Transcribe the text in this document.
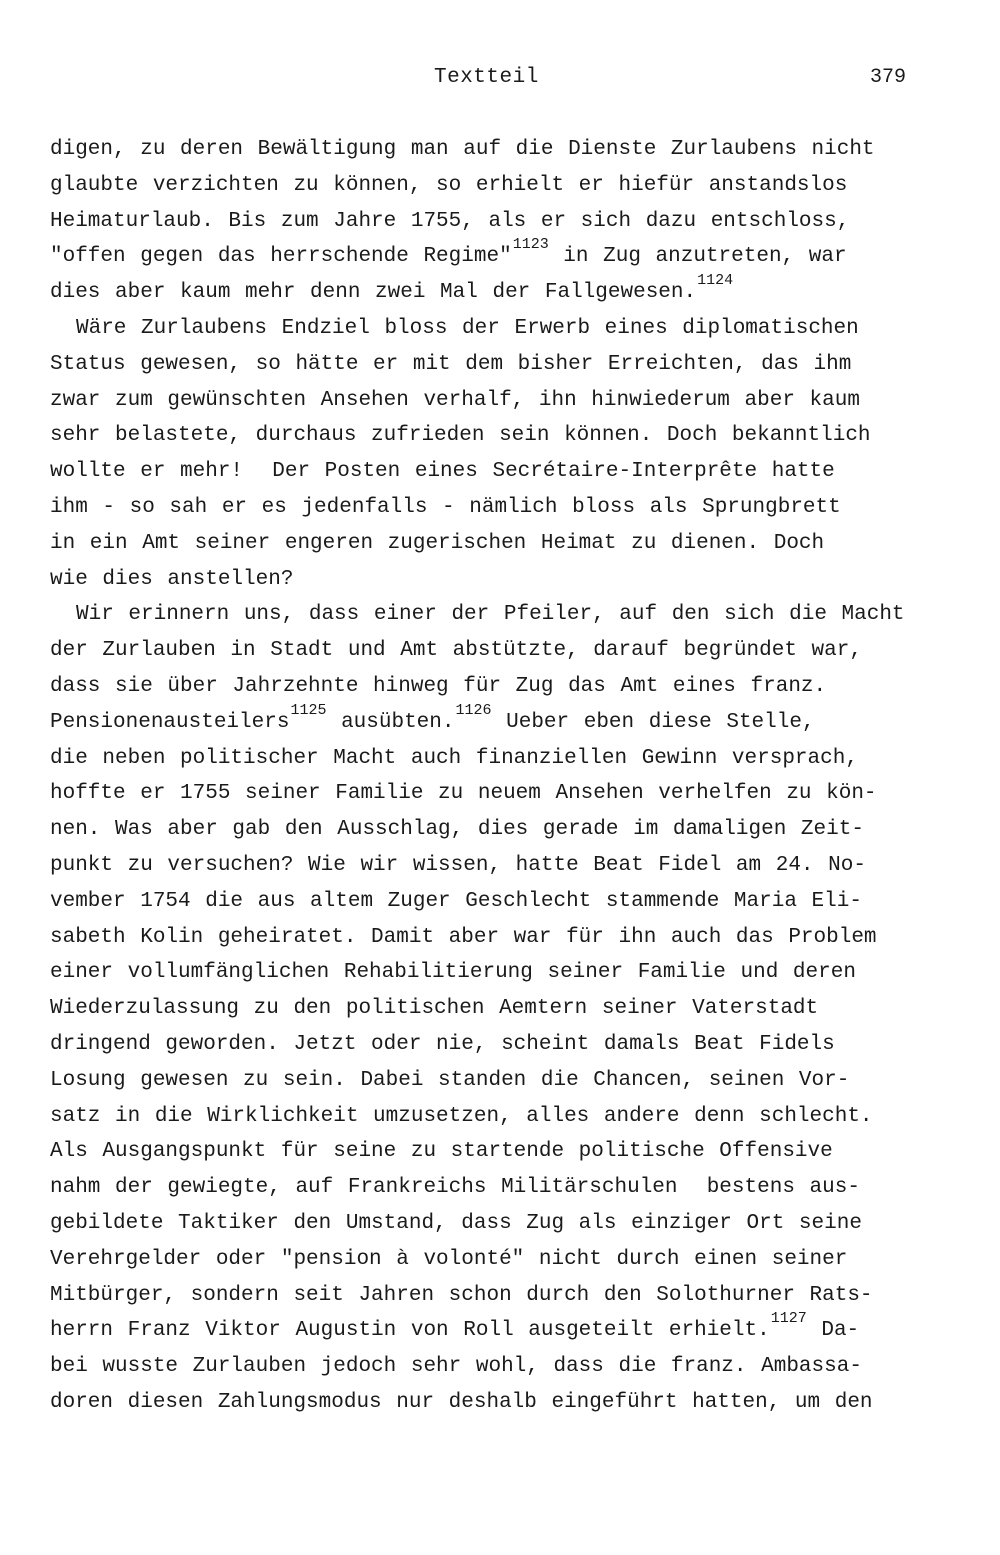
Textteil	379
digen, zu deren Bewältigung man auf die Dienste Zurlaubens nicht
glaubte verzichten zu können, so erhielt er hiefür anstandslos
Heimaturlaub. Bis zum Jahre 1755, als er sich dazu entschloss,
"offen gegen das herrschende Regime"$^{1123}$ in Zug anzutreten, war
dies aber kaum mehr denn zwei Mal der Fallgewesen.$^{1124}$
Wäre Zurlaubens Endziel bloss der Erwerb eines diplomatischen
Status gewesen, so hätte er mit dem bisher Erreichten, das ihm
zwar zum gewünschten Ansehen verhalf, ihn hinwiederum aber kaum
sehr belastete, durchaus zufrieden sein können. Doch bekanntlich
wollte er mehr!  Der Posten eines Secrétaire-Interprête hatte
ihm - so sah er es jedenfalls - nämlich bloss als Sprungbrett
in ein Amt seiner engeren zugerischen Heimat zu dienen. Doch
wie dies anstellen?
Wir erinnern uns, dass einer der Pfeiler, auf den sich die Macht
der Zurlauben in Stadt und Amt abstützte, darauf begründet war,
dass sie über Jahrzehnte hinweg für Zug das Amt eines franz.
Pensionenausteilers$^{1125}$ ausübten.$^{1126}$ Ueber eben diese Stelle,
die neben politischer Macht auch finanziellen Gewinn versprach,
hoffte er 1755 seiner Familie zu neuem Ansehen verhelfen zu kön-
nen. Was aber gab den Ausschlag, dies gerade im damaligen Zeit-
punkt zu versuchen? Wie wir wissen, hatte Beat Fidel am 24. No-
vember 1754 die aus altem Zuger Geschlecht stammende Maria Eli-
sabeth Kolin geheiratet. Damit aber war für ihn auch das Problem
einer vollumfänglichen Rehabilitierung seiner Familie und deren
Wiederzulassung zu den politischen Aemtern seiner Vaterstadt
dringend geworden. Jetzt oder nie, scheint damals Beat Fidels
Losung gewesen zu sein. Dabei standen die Chancen, seinen Vor-
satz in die Wirklichkeit umzusetzen, alles andere denn schlecht.
Als Ausgangspunkt für seine zu startende politische Offensive
nahm der gewiegte, auf Frankreichs Militärschulen  bestens aus-
gebildete Taktiker den Umstand, dass Zug als einziger Ort seine
Verehrgelder oder "pension à volonté" nicht durch einen seiner
Mitbürger, sondern seit Jahren schon durch den Solothurner Rats-
herrn Franz Viktor Augustin von Roll ausgeteilt erhielt.$^{1127}$ Da-
bei wusste Zurlauben jedoch sehr wohl, dass die franz. Ambassa-
doren diesen Zahlungsmodus nur deshalb eingeführt hatten, um den
